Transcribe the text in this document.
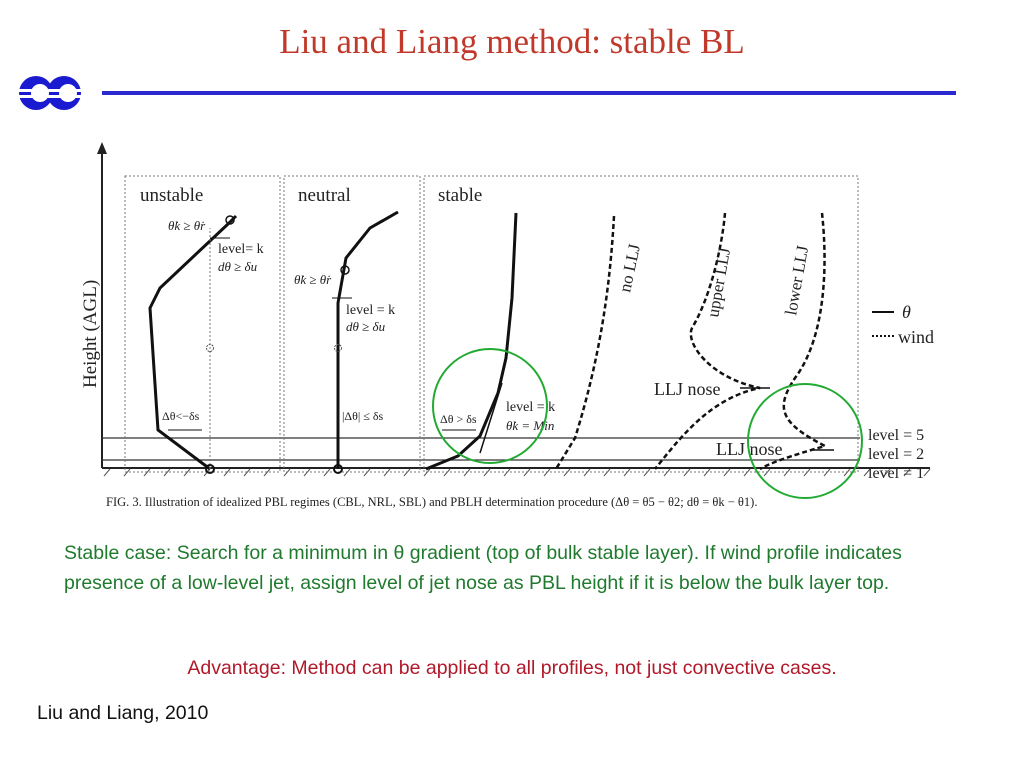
Liu and Liang method: stable BL
Height (AGL)
unstable	neutral	stable
θ̇k ≥ θ̇r
level= k
dθ ≥ δu
Δθ<−δs
θ̇k ≥ θ̇r
level = k
dθ ≥ δu
|Δθ| ≤ δs	Δθ > δs
level = k
θ̇k = Min
no LLJ	upper LLJ	lower LLJ
LLJ nose
LLJ nose
θ
wind
level = 5
level = 2
level = 1
FIG. 3. Illustration of idealized PBL regimes (CBL, NRL, SBL) and PBLH determination procedure (Δθ = θ5 − θ2; dθ = θk − θ1).

Stable case: Search for a minimum in θ gradient (top of bulk stable layer). If wind profile indicates presence of a low-level jet, assign level of jet nose as PBL height if it is below the bulk layer top.

Advantage: Method can be applied to all profiles, not just convective cases.

Liu and Liang, 2010
